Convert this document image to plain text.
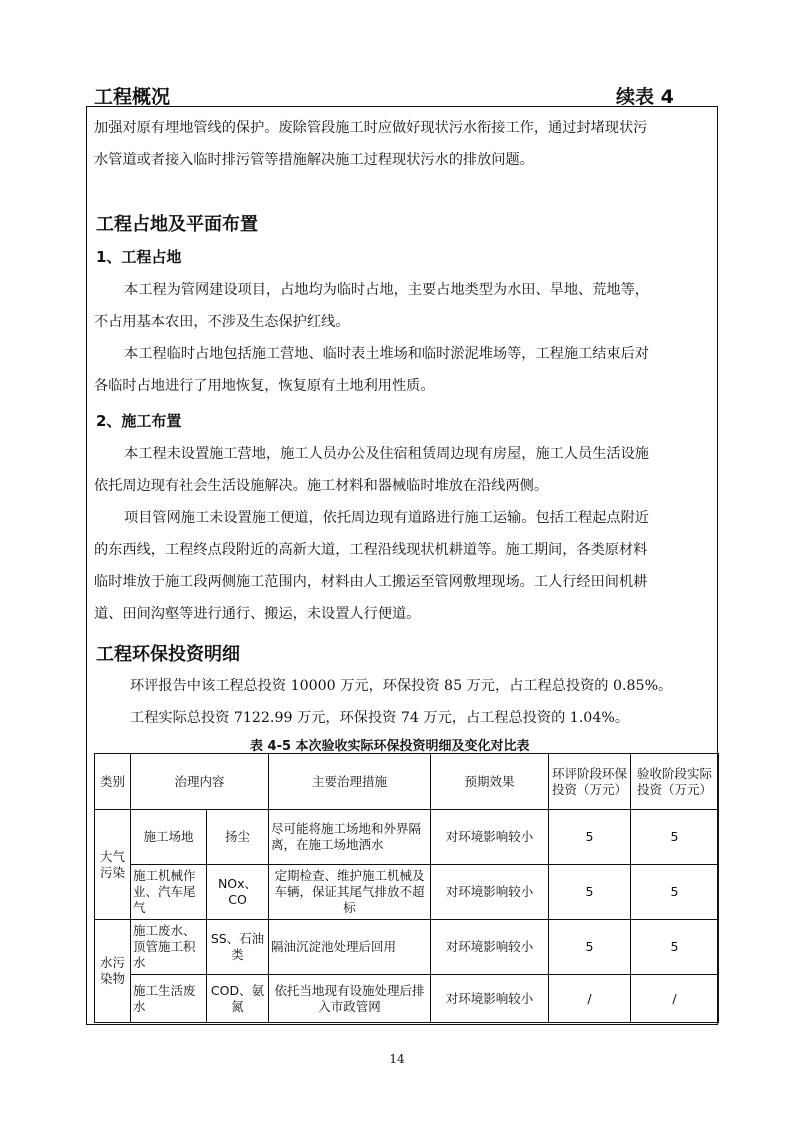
工程概况	续表 4
加强对原有埋地管线的保护。废除管段施工时应做好现状污水衔接工作，通过封堵现状污
水管道或者接入临时排污管等措施解决施工过程现状污水的排放问题。
工程占地及平面布置
1、工程占地
本工程为管网建设项目，占地均为临时占地，主要占地类型为水田、旱地、荒地等，
不占用基本农田，不涉及生态保护红线。
本工程临时占地包括施工营地、临时表土堆场和临时淤泥堆场等，工程施工结束后对
各临时占地进行了用地恢复，恢复原有土地利用性质。
2、施工布置
本工程未设置施工营地，施工人员办公及住宿租赁周边现有房屋，施工人员生活设施
依托周边现有社会生活设施解决。施工材料和器械临时堆放在沿线两侧。
项目管网施工未设置施工便道，依托周边现有道路进行施工运输。包括工程起点附近
的东西线，工程终点段附近的高新大道，工程沿线现状机耕道等。施工期间，各类原材料
临时堆放于施工段两侧施工范围内，材料由人工搬运至管网敷埋现场。工人行经田间机耕
道、田间沟壑等进行通行、搬运，未设置人行便道。
工程环保投资明细
环评报告中该工程总投资 10000 万元，环保投资 85 万元，占工程总投资的 0.85%。
工程实际总投资 7122.99 万元，环保投资 74 万元，占工程总投资的 1.04%。
表 4-5 本次验收实际环保投资明细及变化对比表
类别	治理内容		主要治理措施	预期效果	环评阶段环保投资（万元）	验收阶段实际投资（万元）
大气污染	施工场地	扬尘	尽可能将施工场地和外界隔离，在施工场地洒水	对环境影响较小	5	5
	施工机械作业、汽车尾气	NOx、CO	定期检查、维护施工机械及车辆，保证其尾气排放不超标	对环境影响较小	5	5
水污染物	施工废水、顶管施工积水	SS、石油类	隔油沉淀池处理后回用	对环境影响较小	5	5
	施工生活废水	COD、氨氮	依托当地现有设施处理后排入市政管网	对环境影响较小	/	/
14
